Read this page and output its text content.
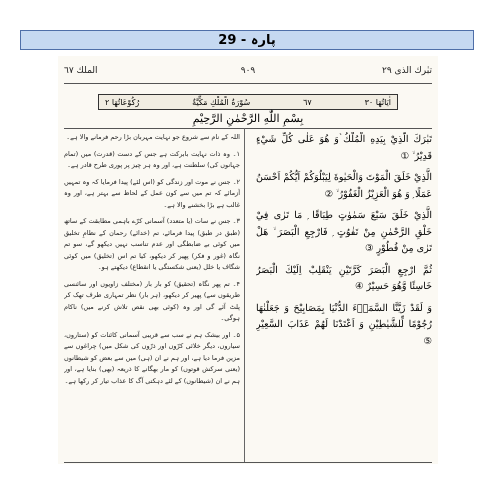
پارہ - 29
تبٰرك الذى ٢٩
٩٠٩
الملك ٦٧
اٰيَاتُهَا ٣٠
٦٧
سُوْرَةُ الْمُلْكِ مَكِّيَّةٌ
رُكُوْعَاتُهَا ٢
بِسْمِ اللّٰهِ الرَّحْمٰنِ الرَّحِيْمِ

تَبٰرَكَ الَّذِيْ بِيَدِهِ الْمُلْكُ ۡوَ هُوَ عَلٰى كُلِّ شَيْءٍ قَدِيْرُ ۙ ①

الَّذِيْ خَلَقَ الْمَوْتَ وَالْحَيٰوةَ لِيَبْلُوَكُمْ اَيُّكُمْ اَحْسَنُ عَمَلًا ۭ وَ هُوَ الْعَزِيْزُ الْغَفُوْرُ ۙ ②

الَّذِيْ خَلَقَ سَبْعَ سَمٰوٰتٍ طِبَاقًا ۭ مَا تَرٰى فِيْ خَلْقِ الرَّحْمٰنِ مِنْ تَفٰوُتٍ ۭ فَارْجِعِ الْبَصَرَ ۙ هَلْ تَرٰى مِنْ فُطُوْرٍ ③

ثُمَّ ارْجِعِ الْبَصَرَ كَرَّتَيْنِ يَنْقَلِبْ اِلَيْكَ الْبَصَرُ خَاسِئًا وَّهُوَ حَسِيْرٌ ④

وَ لَقَدْ زَيَّنَّا السَّمَاۗءَ الدُّنْيَا بِمَصَابِيْحَ وَ جَعَلْنٰهَا رُجُوْمًا لِّلشَّيٰطِيْنِ وَ اَعْتَدْنَا لَهُمْ عَذَابَ السَّعِيْرِ ⑤

اللہ کے نام سے شروع جو نہایت مہربان بڑا رحم فرمانے والا ہے۔

۱۔ وہ ذات نہایت بابرکت ہے جس کے دست (قدرت) میں (تمام جہانوں کی) سلطنت ہے، اور وہ ہر چیز پر پوری طرح قادر ہے۔

۲۔ جس نے موت اور زندگی کو (اس لئے) پیدا فرمایا کہ وہ تمہیں آزمائے کہ تم میں سے کون عمل کے لحاظ سے بہتر ہے، اور وہ غالب ہے بڑا بخشنے والا ہے۔

۳۔ جس نے سات (یا متعدد) آسمانی کرّے باہمی مطابقت کے ساتھ (طبق در طبق) پیدا فرمائے، تم (خدائے) رحمان کے نظامِ تخلیق میں کوئی بے ضابطگی اور عدم تناسب نہیں دیکھو گے، سو تم نگاہ (غور و فکر) پھیر کر دیکھو، کیا تم اس (تخلیق) میں کوئی شگاف یا خلل (یعنی شکستگی یا انقطاع) دیکھتے ہو۔

۴۔ تم پھر نگاہ (تحقیق) کو بار بار (مختلف زاویوں اور سائنسی طریقوں سے) پھیر کر دیکھو، (ہر بار) نظر تمہاری طرف تھک کر پلٹ آئے گی اور وہ (کوئی بھی نقص تلاش کرنے میں) ناکام ہوگی۔

۵۔ اور بیشک ہم نے سب سے قریبی آسمانی کائنات کو (ستاروں، سیاروں، دیگر خلائی کرّوں اور ذرّوں کی شکل میں) چراغوں سے مزین فرما دیا ہے، اور ہم نے ان (ہی) میں سے بعض کو شیطانوں (یعنی سرکش قوتوں) کو مار بھگانے کا ذریعہ (بھی) بنایا ہے، اور ہم نے ان (شیطانوں) کے لئے دہکتی آگ کا عذاب تیار کر رکھا ہے۔
